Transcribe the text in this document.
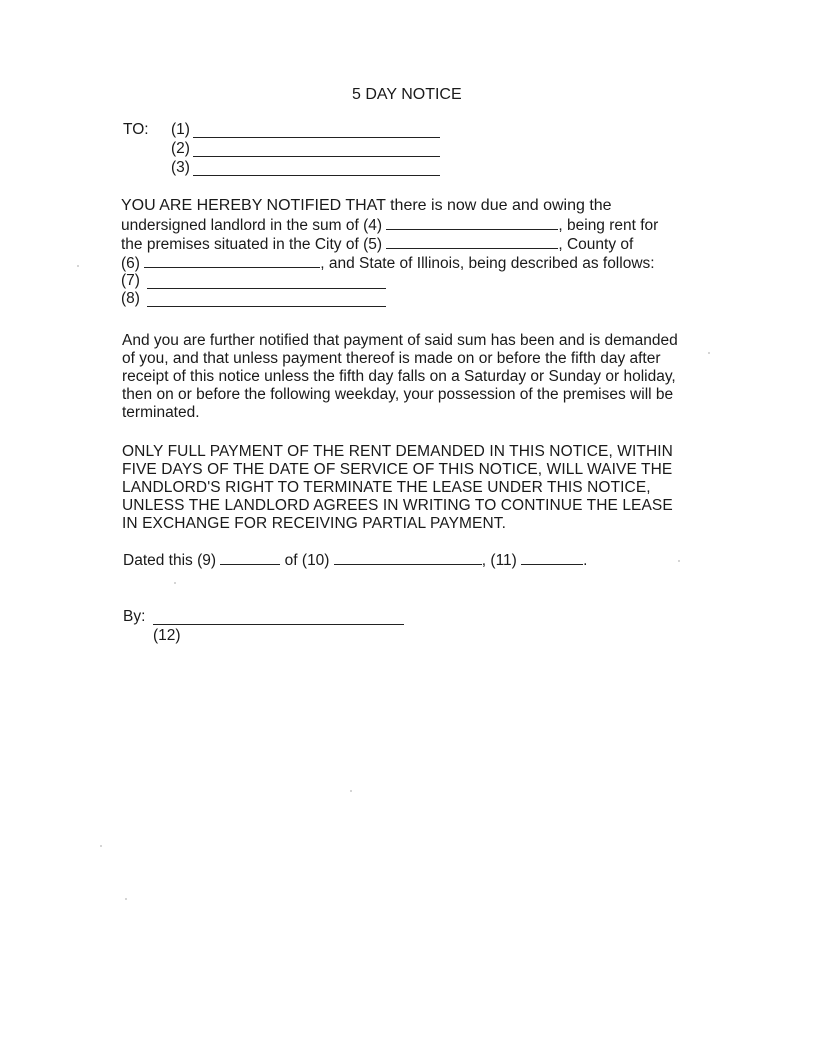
5 DAY NOTICE
TO: (1)
(2)
(3)
YOU ARE HEREBY NOTIFIED THAT there is now due and owing the
undersigned landlord in the sum of (4)	, being rent for
the premises situated in the City of (5)	, County of
(6)	, and State of Illinois, being described as follows:
(7)
(8)
And you are further notified that payment of said sum has been and is demanded
of you, and that unless payment thereof is made on or before the fifth day after
receipt of this notice unless the fifth day falls on a Saturday or Sunday or holiday,
then on or before the following weekday, your possession of the premises will be
terminated.
ONLY FULL PAYMENT OF THE RENT DEMANDED IN THIS NOTICE, WITHIN
FIVE DAYS OF THE DATE OF SERVICE OF THIS NOTICE, WILL WAIVE THE
LANDLORD'S RIGHT TO TERMINATE THE LEASE UNDER THIS NOTICE,
UNLESS THE LANDLORD AGREES IN WRITING TO CONTINUE THE LEASE
IN EXCHANGE FOR RECEIVING PARTIAL PAYMENT.
Dated this (9)	of (10)	, (11)	.
By:
(12)
